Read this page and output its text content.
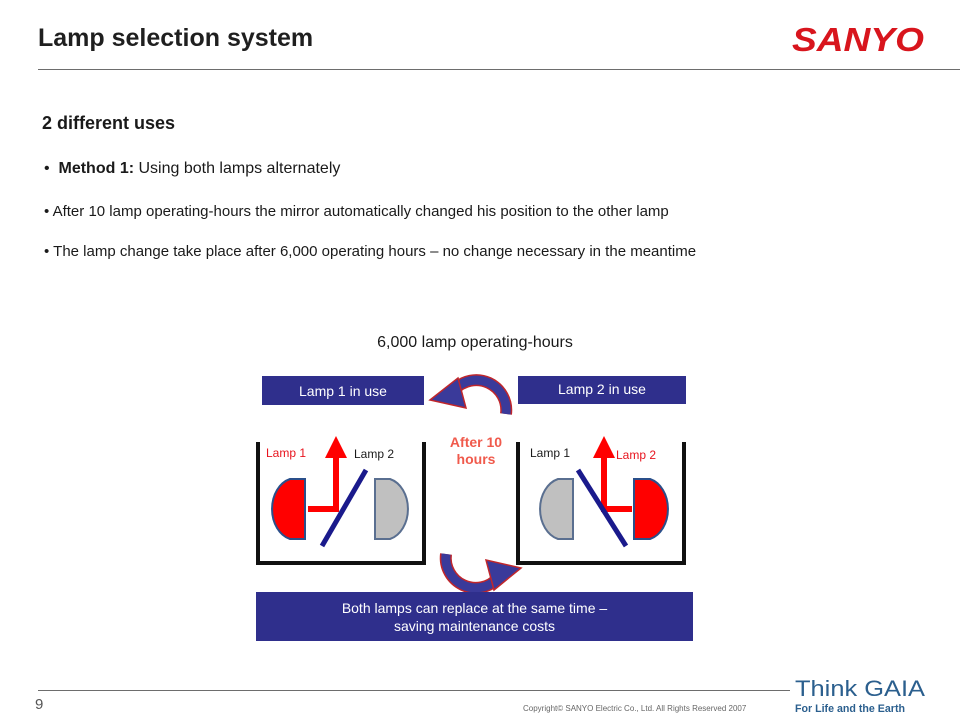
Lamp selection system	SANYO
2 different uses
•  Method 1: Using both lamps alternately
• After 10 lamp operating-hours the mirror automatically changed his position to the other lamp
• The lamp change take place after 6,000 operating hours – no change necessary in the meantime
6,000 lamp operating-hours
Lamp 1 in use	Lamp 2 in use
Lamp 1	Lamp 2	Lamp 1	Lamp 2
After 10
hours
Both lamps can replace at the same time –
saving maintenance costs
9	Copyright© SANYO Electric Co., Ltd. All Rights Reserved 2007
Think GAIA
For Life and the Earth
